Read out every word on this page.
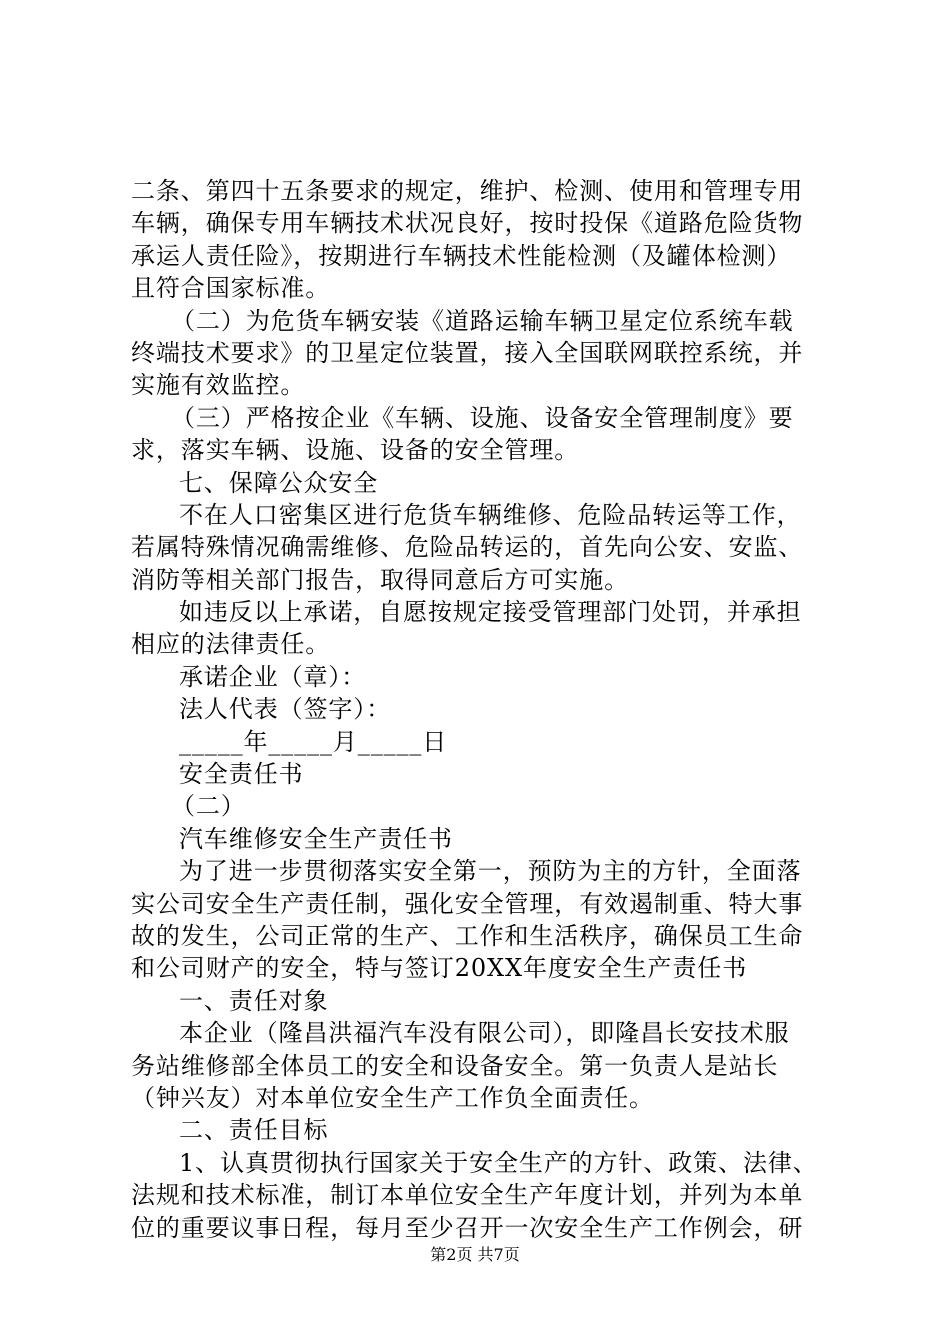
二条、第四十五条要求的规定，维护、检测、使用和管理专用
车辆，确保专用车辆技术状况良好，按时投保《道路危险货物
承运人责任险》，按期进行车辆技术性能检测（及罐体检测）
且符合国家标准。
（二）为危货车辆安装《道路运输车辆卫星定位系统车载
终端技术要求》的卫星定位装置，接入全国联网联控系统，并
实施有效监控。
（三）严格按企业《车辆、设施、设备安全管理制度》要
求，落实车辆、设施、设备的安全管理。
七、保障公众安全
不在人口密集区进行危货车辆维修、危险品转运等工作，
若属特殊情况确需维修、危险品转运的，首先向公安、安监、
消防等相关部门报告，取得同意后方可实施。
如违反以上承诺，自愿按规定接受管理部门处罚，并承担
相应的法律责任。
承诺企业（章）：
法人代表（签字）：
_____年_____月_____日
安全责任书
（二）
汽车维修安全生产责任书
为了进一步贯彻落实安全第一，预防为主的方针，全面落
实公司安全生产责任制，强化安全管理，有效遏制重、特大事
故的发生，公司正常的生产、工作和生活秩序，确保员工生命
和公司财产的安全，特与签订20XX年度安全生产责任书
一、责任对象
本企业（隆昌洪福汽车没有限公司），即隆昌长安技术服
务站维修部全体员工的安全和设备安全。第一负责人是站长
（钟兴友）对本单位安全生产工作负全面责任。
二、责任目标
1、认真贯彻执行国家关于安全生产的方针、政策、法律、
法规和技术标准，制订本单位安全生产年度计划，并列为本单
位的重要议事日程，每月至少召开一次安全生产工作例会，研
第2页 共7页
